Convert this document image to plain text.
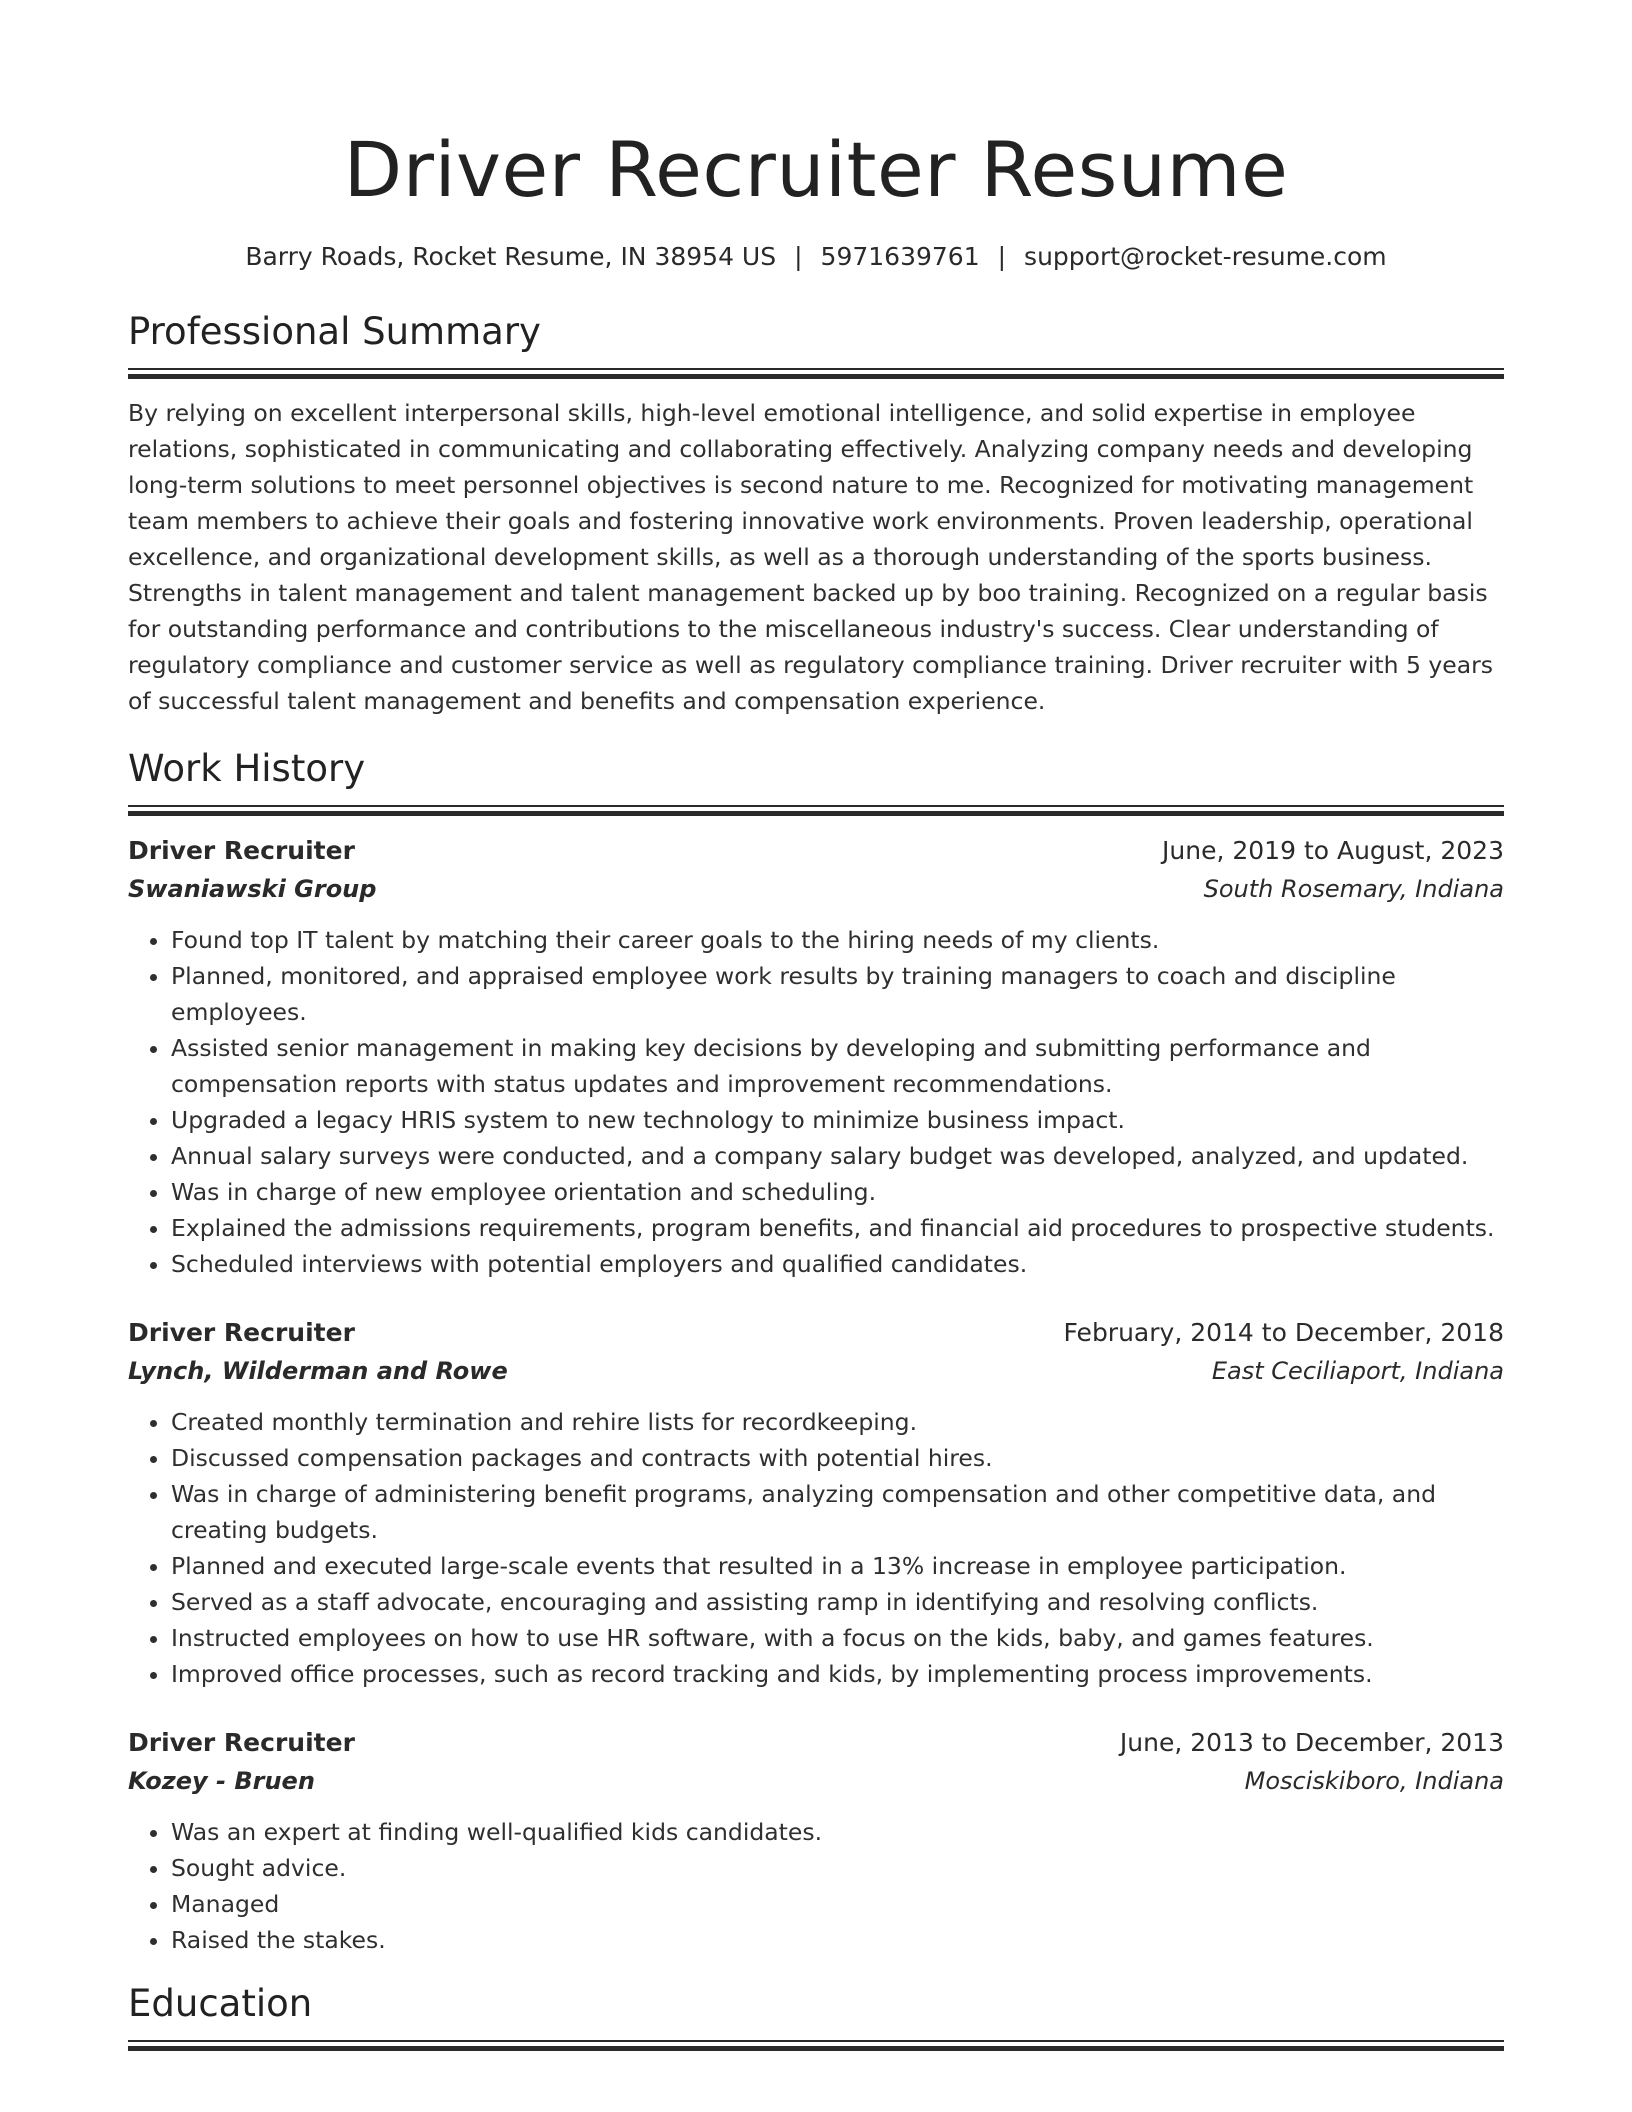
Driver Recruiter Resume
Barry Roads, Rocket Resume, IN 38954 US | 5971639761 | support@rocket-resume.com
Professional Summary

By relying on excellent interpersonal skills, high-level emotional intelligence, and solid expertise in employee relations, sophisticated in communicating and collaborating effectively. Analyzing company needs and developing long-term solutions to meet personnel objectives is second nature to me. Recognized for motivating management team members to achieve their goals and fostering innovative work environments. Proven leadership, operational excellence, and organizational development skills, as well as a thorough understanding of the sports business. Strengths in talent management and talent management backed up by boo training. Recognized on a regular basis for outstanding performance and contributions to the miscellaneous industry's success. Clear understanding of regulatory compliance and customer service as well as regulatory compliance training. Driver recruiter with 5 years of successful talent management and benefits and compensation experience.

Work History
Driver Recruiter	June, 2019 to August, 2023
Swaniawski Group	South Rosemary, Indiana
• Found top IT talent by matching their career goals to the hiring needs of my clients.
• Planned, monitored, and appraised employee work results by training managers to coach and discipline employees.
• Assisted senior management in making key decisions by developing and submitting performance and compensation reports with status updates and improvement recommendations.
• Upgraded a legacy HRIS system to new technology to minimize business impact.
• Annual salary surveys were conducted, and a company salary budget was developed, analyzed, and updated.
• Was in charge of new employee orientation and scheduling.
• Explained the admissions requirements, program benefits, and financial aid procedures to prospective students.
• Scheduled interviews with potential employers and qualified candidates.
Driver Recruiter	February, 2014 to December, 2018
Lynch, Wilderman and Rowe	East Ceciliaport, Indiana
• Created monthly termination and rehire lists for recordkeeping.
• Discussed compensation packages and contracts with potential hires.
• Was in charge of administering benefit programs, analyzing compensation and other competitive data, and creating budgets.
• Planned and executed large-scale events that resulted in a 13% increase in employee participation.
• Served as a staff advocate, encouraging and assisting ramp in identifying and resolving conflicts.
• Instructed employees on how to use HR software, with a focus on the kids, baby, and games features.
• Improved office processes, such as record tracking and kids, by implementing process improvements.
Driver Recruiter	June, 2013 to December, 2013
Kozey - Bruen	Mosciskiboro, Indiana
• Was an expert at finding well-qualified kids candidates.
• Sought advice.
• Managed
• Raised the stakes.
Education
